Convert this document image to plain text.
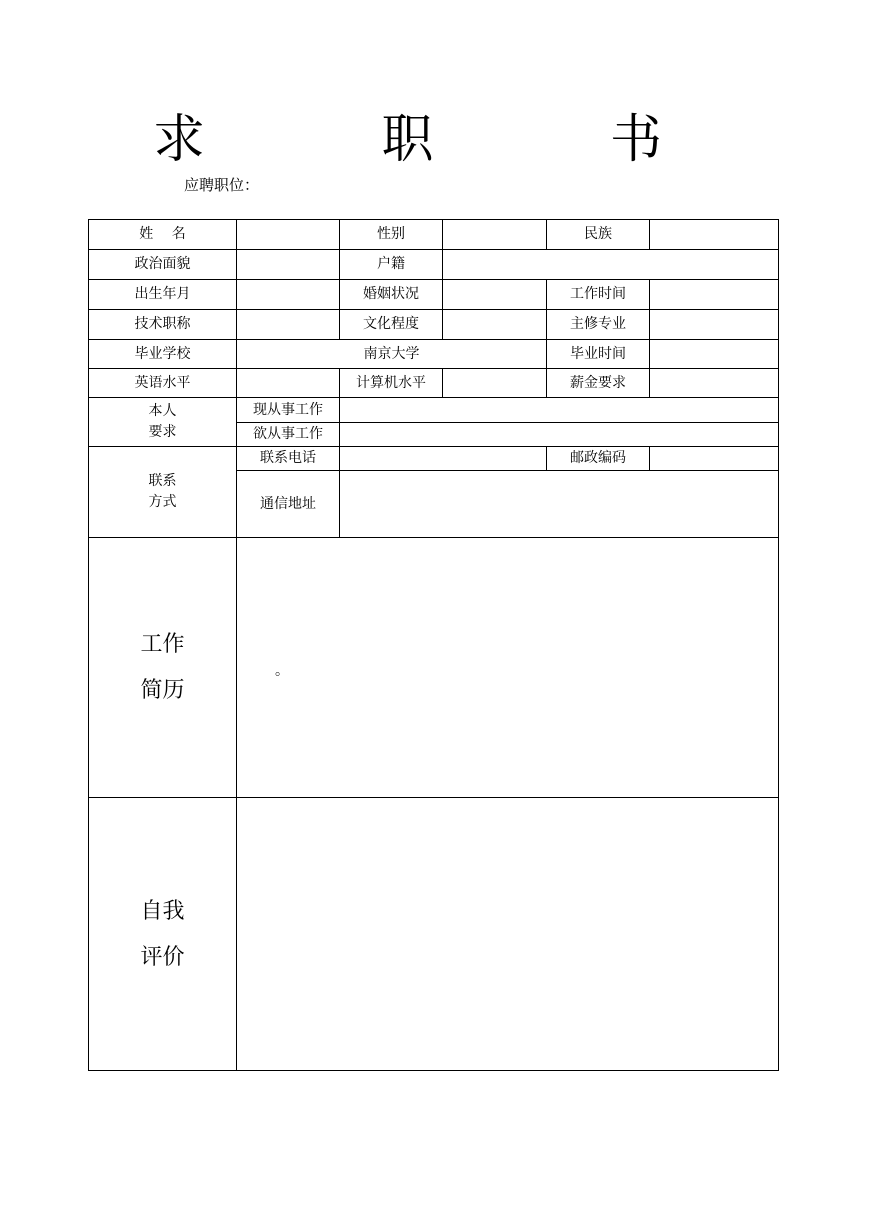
求 职 书
应聘职位：
姓　 名	性别	民族
政治面貌	户籍
出生年月	婚姻状况	工作时间
技术职称	文化程度	主修专业
毕业学校	南京大学	毕业时间
英语水平	计算机水平	薪金要求
本人
要求
现从事工作
欲从事工作
联系
方式
联系电话	邮政编码
通信地址
工作
简历
。
自我
评价
